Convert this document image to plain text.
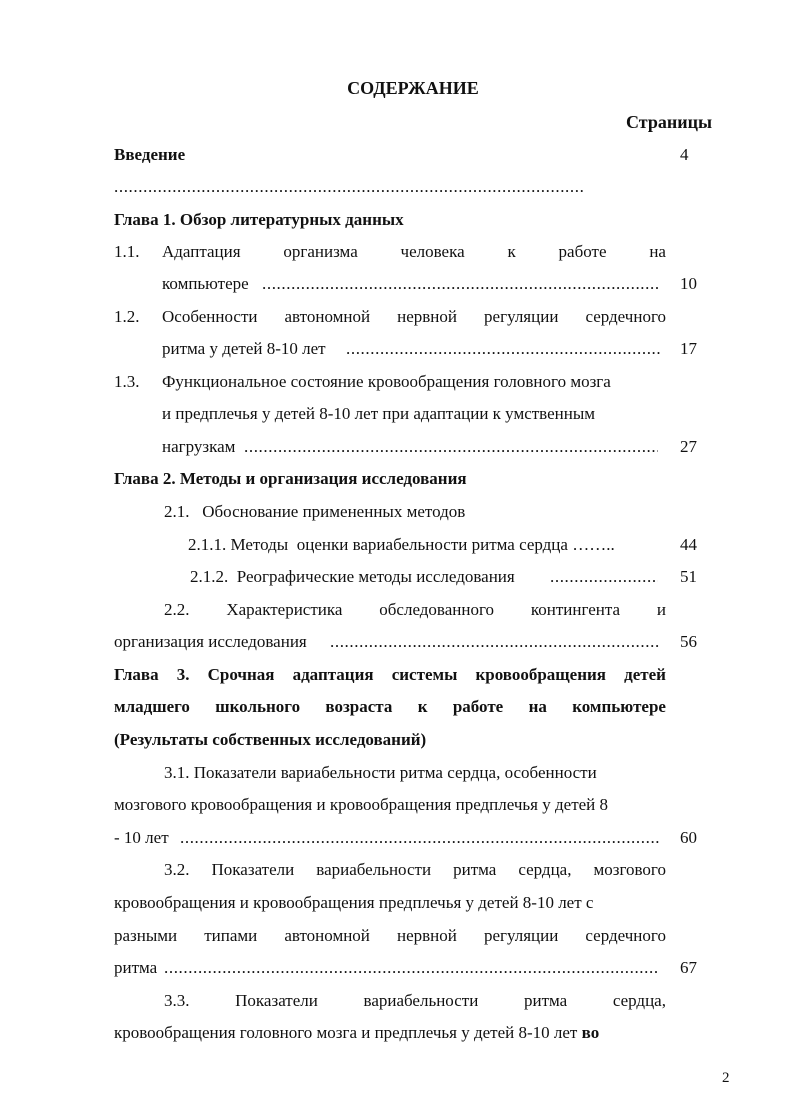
СОДЕРЖАНИЕ
Страницы
Введение	4
.....
Глава 1. Обзор литературных данных
1.1. Адаптация	организма	человека	к	работе	на
компьютере .....	10
1.2. Особенности автономной нервной регуляции сердечного
ритма у детей 8-10 лет .....	17
1.3. Функциональное состояние кровообращения головного мозга
и предплечья у детей 8-10 лет при адаптации к умственным
нагрузкам .....	27
Глава 2. Методы и организация исследования
2.1.   Обоснование примененных методов
2.1.1. Методы  оценки вариабельности ритма сердца ……..	44
2.1.2.  Реографические методы исследования .....	51
2.2. Характеристика обследованного контингента и
организация исследования .....	56
Глава 3. Срочная адаптация системы кровообращения детей
младшего школьного возраста к работе на компьютере
(Результаты собственных исследований)
3.1. Показатели вариабельности ритма сердца, особенности
мозгового кровообращения и кровообращения предплечья у детей 8
- 10 лет .....	60
3.2. Показатели вариабельности ритма сердца, мозгового
кровообращения и кровообращения предплечья у детей 8-10 лет с
разными типами автономной нервной регуляции сердечного
ритма .....	67
3.3.	Показатели	вариабельности	ритма	сердца,
кровообращения головного мозга и предплечья у детей 8-10 лет во
2
